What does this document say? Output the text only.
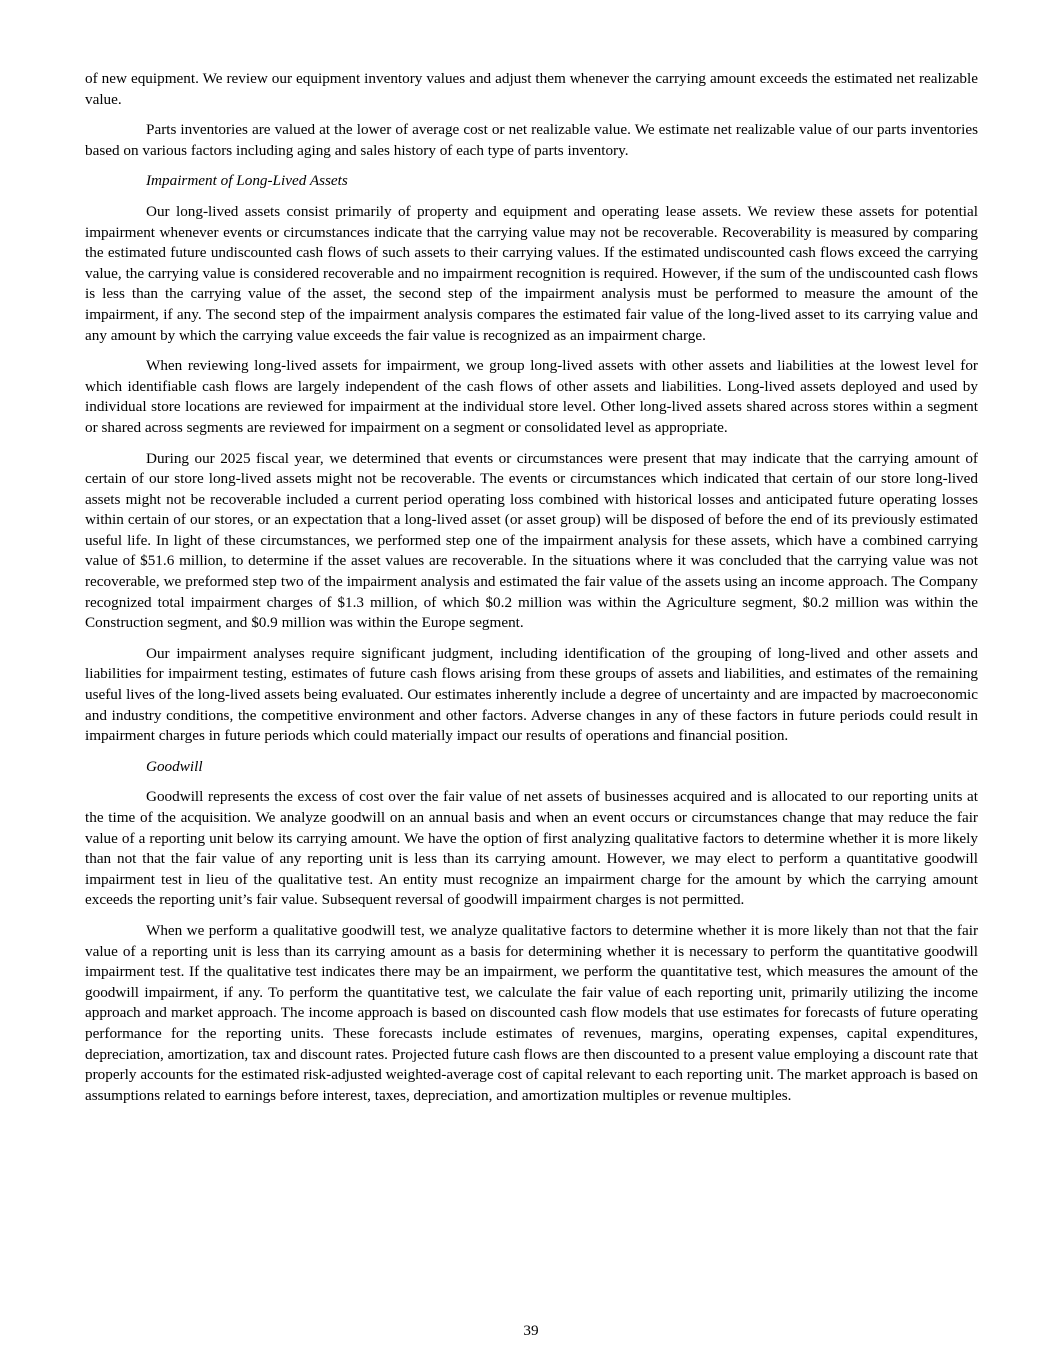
of new equipment. We review our equipment inventory values and adjust them whenever the carrying amount exceeds the estimated net realizable value.

Parts inventories are valued at the lower of average cost or net realizable value. We estimate net realizable value of our parts inventories based on various factors including aging and sales history of each type of parts inventory.

Impairment of Long-Lived Assets

Our long-lived assets consist primarily of property and equipment and operating lease assets. We review these assets for potential impairment whenever events or circumstances indicate that the carrying value may not be recoverable. Recoverability is measured by comparing the estimated future undiscounted cash flows of such assets to their carrying values. If the estimated undiscounted cash flows exceed the carrying value, the carrying value is considered recoverable and no impairment recognition is required. However, if the sum of the undiscounted cash flows is less than the carrying value of the asset, the second step of the impairment analysis must be performed to measure the amount of the impairment, if any. The second step of the impairment analysis compares the estimated fair value of the long-lived asset to its carrying value and any amount by which the carrying value exceeds the fair value is recognized as an impairment charge.

When reviewing long-lived assets for impairment, we group long-lived assets with other assets and liabilities at the lowest level for which identifiable cash flows are largely independent of the cash flows of other assets and liabilities. Long-lived assets deployed and used by individual store locations are reviewed for impairment at the individual store level. Other long-lived assets shared across stores within a segment or shared across segments are reviewed for impairment on a segment or consolidated level as appropriate.

During our 2025 fiscal year, we determined that events or circumstances were present that may indicate that the carrying amount of certain of our store long-lived assets might not be recoverable. The events or circumstances which indicated that certain of our store long-lived assets might not be recoverable included a current period operating loss combined with historical losses and anticipated future operating losses within certain of our stores, or an expectation that a long-lived asset (or asset group) will be disposed of before the end of its previously estimated useful life. In light of these circumstances, we performed step one of the impairment analysis for these assets, which have a combined carrying value of $51.6 million, to determine if the asset values are recoverable. In the situations where it was concluded that the carrying value was not recoverable, we preformed step two of the impairment analysis and estimated the fair value of the assets using an income approach. The Company recognized total impairment charges of $1.3 million, of which $0.2 million was within the Agriculture segment, $0.2 million was within the Construction segment, and $0.9 million was within the Europe segment.

Our impairment analyses require significant judgment, including identification of the grouping of long-lived and other assets and liabilities for impairment testing, estimates of future cash flows arising from these groups of assets and liabilities, and estimates of the remaining useful lives of the long-lived assets being evaluated. Our estimates inherently include a degree of uncertainty and are impacted by macroeconomic and industry conditions, the competitive environment and other factors. Adverse changes in any of these factors in future periods could result in impairment charges in future periods which could materially impact our results of operations and financial position.

Goodwill

Goodwill represents the excess of cost over the fair value of net assets of businesses acquired and is allocated to our reporting units at the time of the acquisition. We analyze goodwill on an annual basis and when an event occurs or circumstances change that may reduce the fair value of a reporting unit below its carrying amount. We have the option of first analyzing qualitative factors to determine whether it is more likely than not that the fair value of any reporting unit is less than its carrying amount. However, we may elect to perform a quantitative goodwill impairment test in lieu of the qualitative test. An entity must recognize an impairment charge for the amount by which the carrying amount exceeds the reporting unit’s fair value. Subsequent reversal of goodwill impairment charges is not permitted.

When we perform a qualitative goodwill test, we analyze qualitative factors to determine whether it is more likely than not that the fair value of a reporting unit is less than its carrying amount as a basis for determining whether it is necessary to perform the quantitative goodwill impairment test. If the qualitative test indicates there may be an impairment, we perform the quantitative test, which measures the amount of the goodwill impairment, if any. To perform the quantitative test, we calculate the fair value of each reporting unit, primarily utilizing the income approach and market approach. The income approach is based on discounted cash flow models that use estimates for forecasts of future operating performance for the reporting units. These forecasts include estimates of revenues, margins, operating expenses, capital expenditures, depreciation, amortization, tax and discount rates. Projected future cash flows are then discounted to a present value employing a discount rate that properly accounts for the estimated risk-adjusted weighted-average cost of capital relevant to each reporting unit. The market approach is based on assumptions related to earnings before interest, taxes, depreciation, and amortization multiples or revenue multiples.

39
